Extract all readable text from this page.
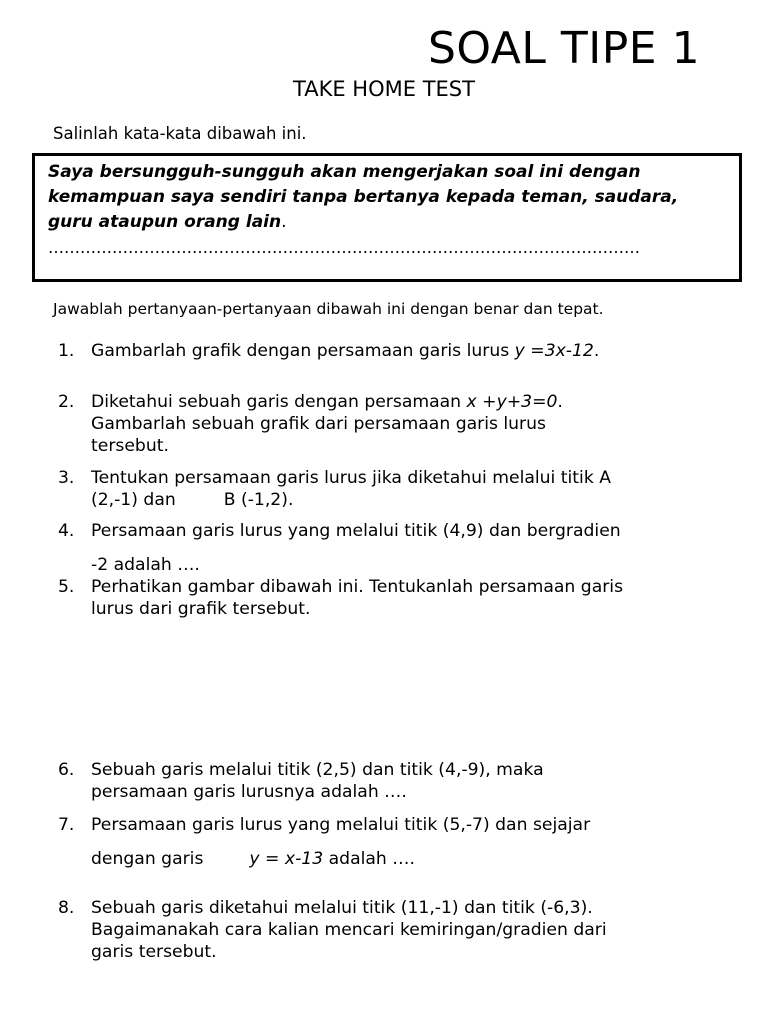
SOAL TIPE 1
TAKE HOME TEST
Salinlah kata-kata dibawah ini.
Saya bersungguh-sungguh akan mengerjakan soal ini dengan kemampuan saya sendiri tanpa bertanya kepada teman, saudara, guru ataupun orang lain.
…………………………………………………………………………………………………
Jawablah pertanyaan-pertanyaan dibawah ini dengan benar dan tepat.
1. Gambarlah grafik dengan persamaan garis lurus y =3x-12.
2. Diketahui sebuah garis dengan persamaan x +y+3=0.
Gambarlah sebuah grafik dari persamaan garis lurus
tersebut.
3. Tentukan persamaan garis lurus jika diketahui melalui titik A
(2,-1) dan	B (-1,2).
4. Persamaan garis lurus yang melalui titik (4,9) dan bergradien
-2 adalah ….
5. Perhatikan gambar dibawah ini. Tentukanlah persamaan garis
lurus dari grafik tersebut.
6. Sebuah garis melalui titik (2,5) dan titik (4,-9), maka
persamaan garis lurusnya adalah ….
7. Persamaan garis lurus yang melalui titik (5,-7) dan sejajar
dengan garis	y = x-13 adalah ….
8. Sebuah garis diketahui melalui titik (11,-1) dan titik (-6,3).
Bagaimanakah cara kalian mencari kemiringan/gradien dari
garis tersebut.
